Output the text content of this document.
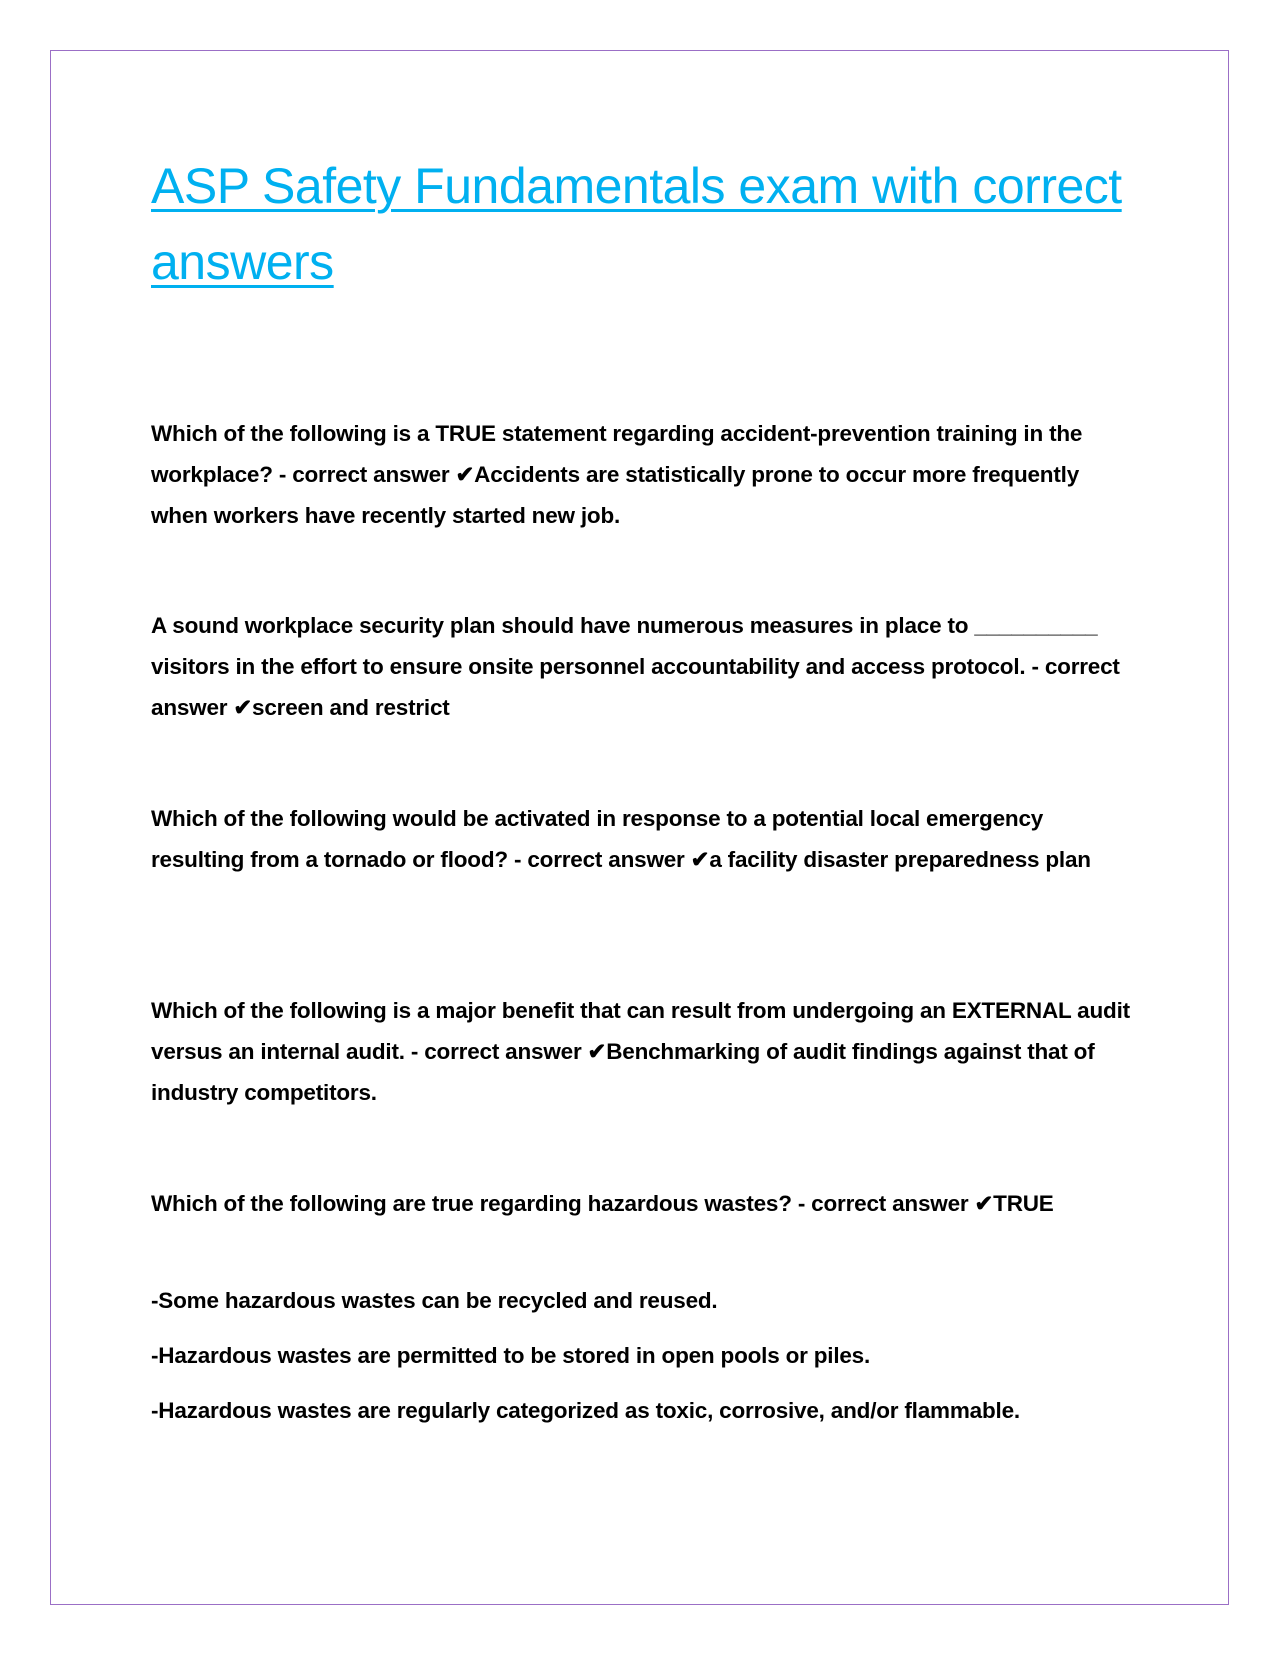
ASP Safety Fundamentals exam with correct answers

Which of the following is a TRUE statement regarding accident-prevention training in the workplace? - correct answer ✔Accidents are statistically prone to occur more frequently when workers have recently started new job.

A sound workplace security plan should have numerous measures in place to __________ visitors in the effort to ensure onsite personnel accountability and access protocol. - correct answer ✔screen and restrict

Which of the following would be activated in response to a potential local emergency resulting from a tornado or flood? - correct answer ✔a facility disaster preparedness plan

Which of the following is a major benefit that can result from undergoing an EXTERNAL audit versus an internal audit. - correct answer ✔Benchmarking of audit findings against that of industry competitors.

Which of the following are true regarding hazardous wastes? - correct answer ✔TRUE

-Some hazardous wastes can be recycled and reused.

-Hazardous wastes are permitted to be stored in open pools or piles.

-Hazardous wastes are regularly categorized as toxic, corrosive, and/or flammable.
